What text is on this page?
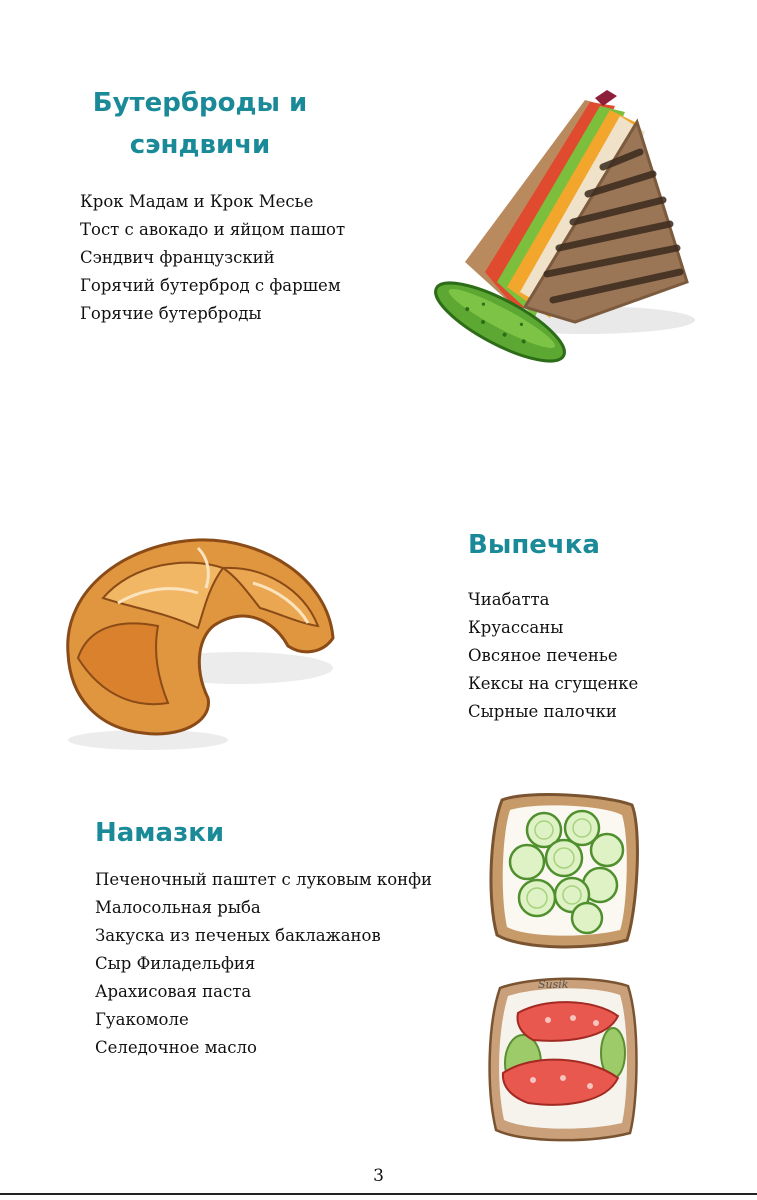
Бутерброды и
сэндвичи
Крок Мадам и Крок Месье
Тост с авокадо и яйцом пашот
Сэндвич французский
Горячий бутерброд с фаршем
Горячие бутерброды
Выпечка
Чиабатта
Круассаны
Овсяное печенье
Кексы на сгущенке
Сырные палочки
Намазки
Печеночный паштет с луковым конфи
Малосольная рыба
Закуска из печеных баклажанов
Сыр Филадельфия
Арахисовая паста
Гуакомоле
Селедочное масло
Susik
3
